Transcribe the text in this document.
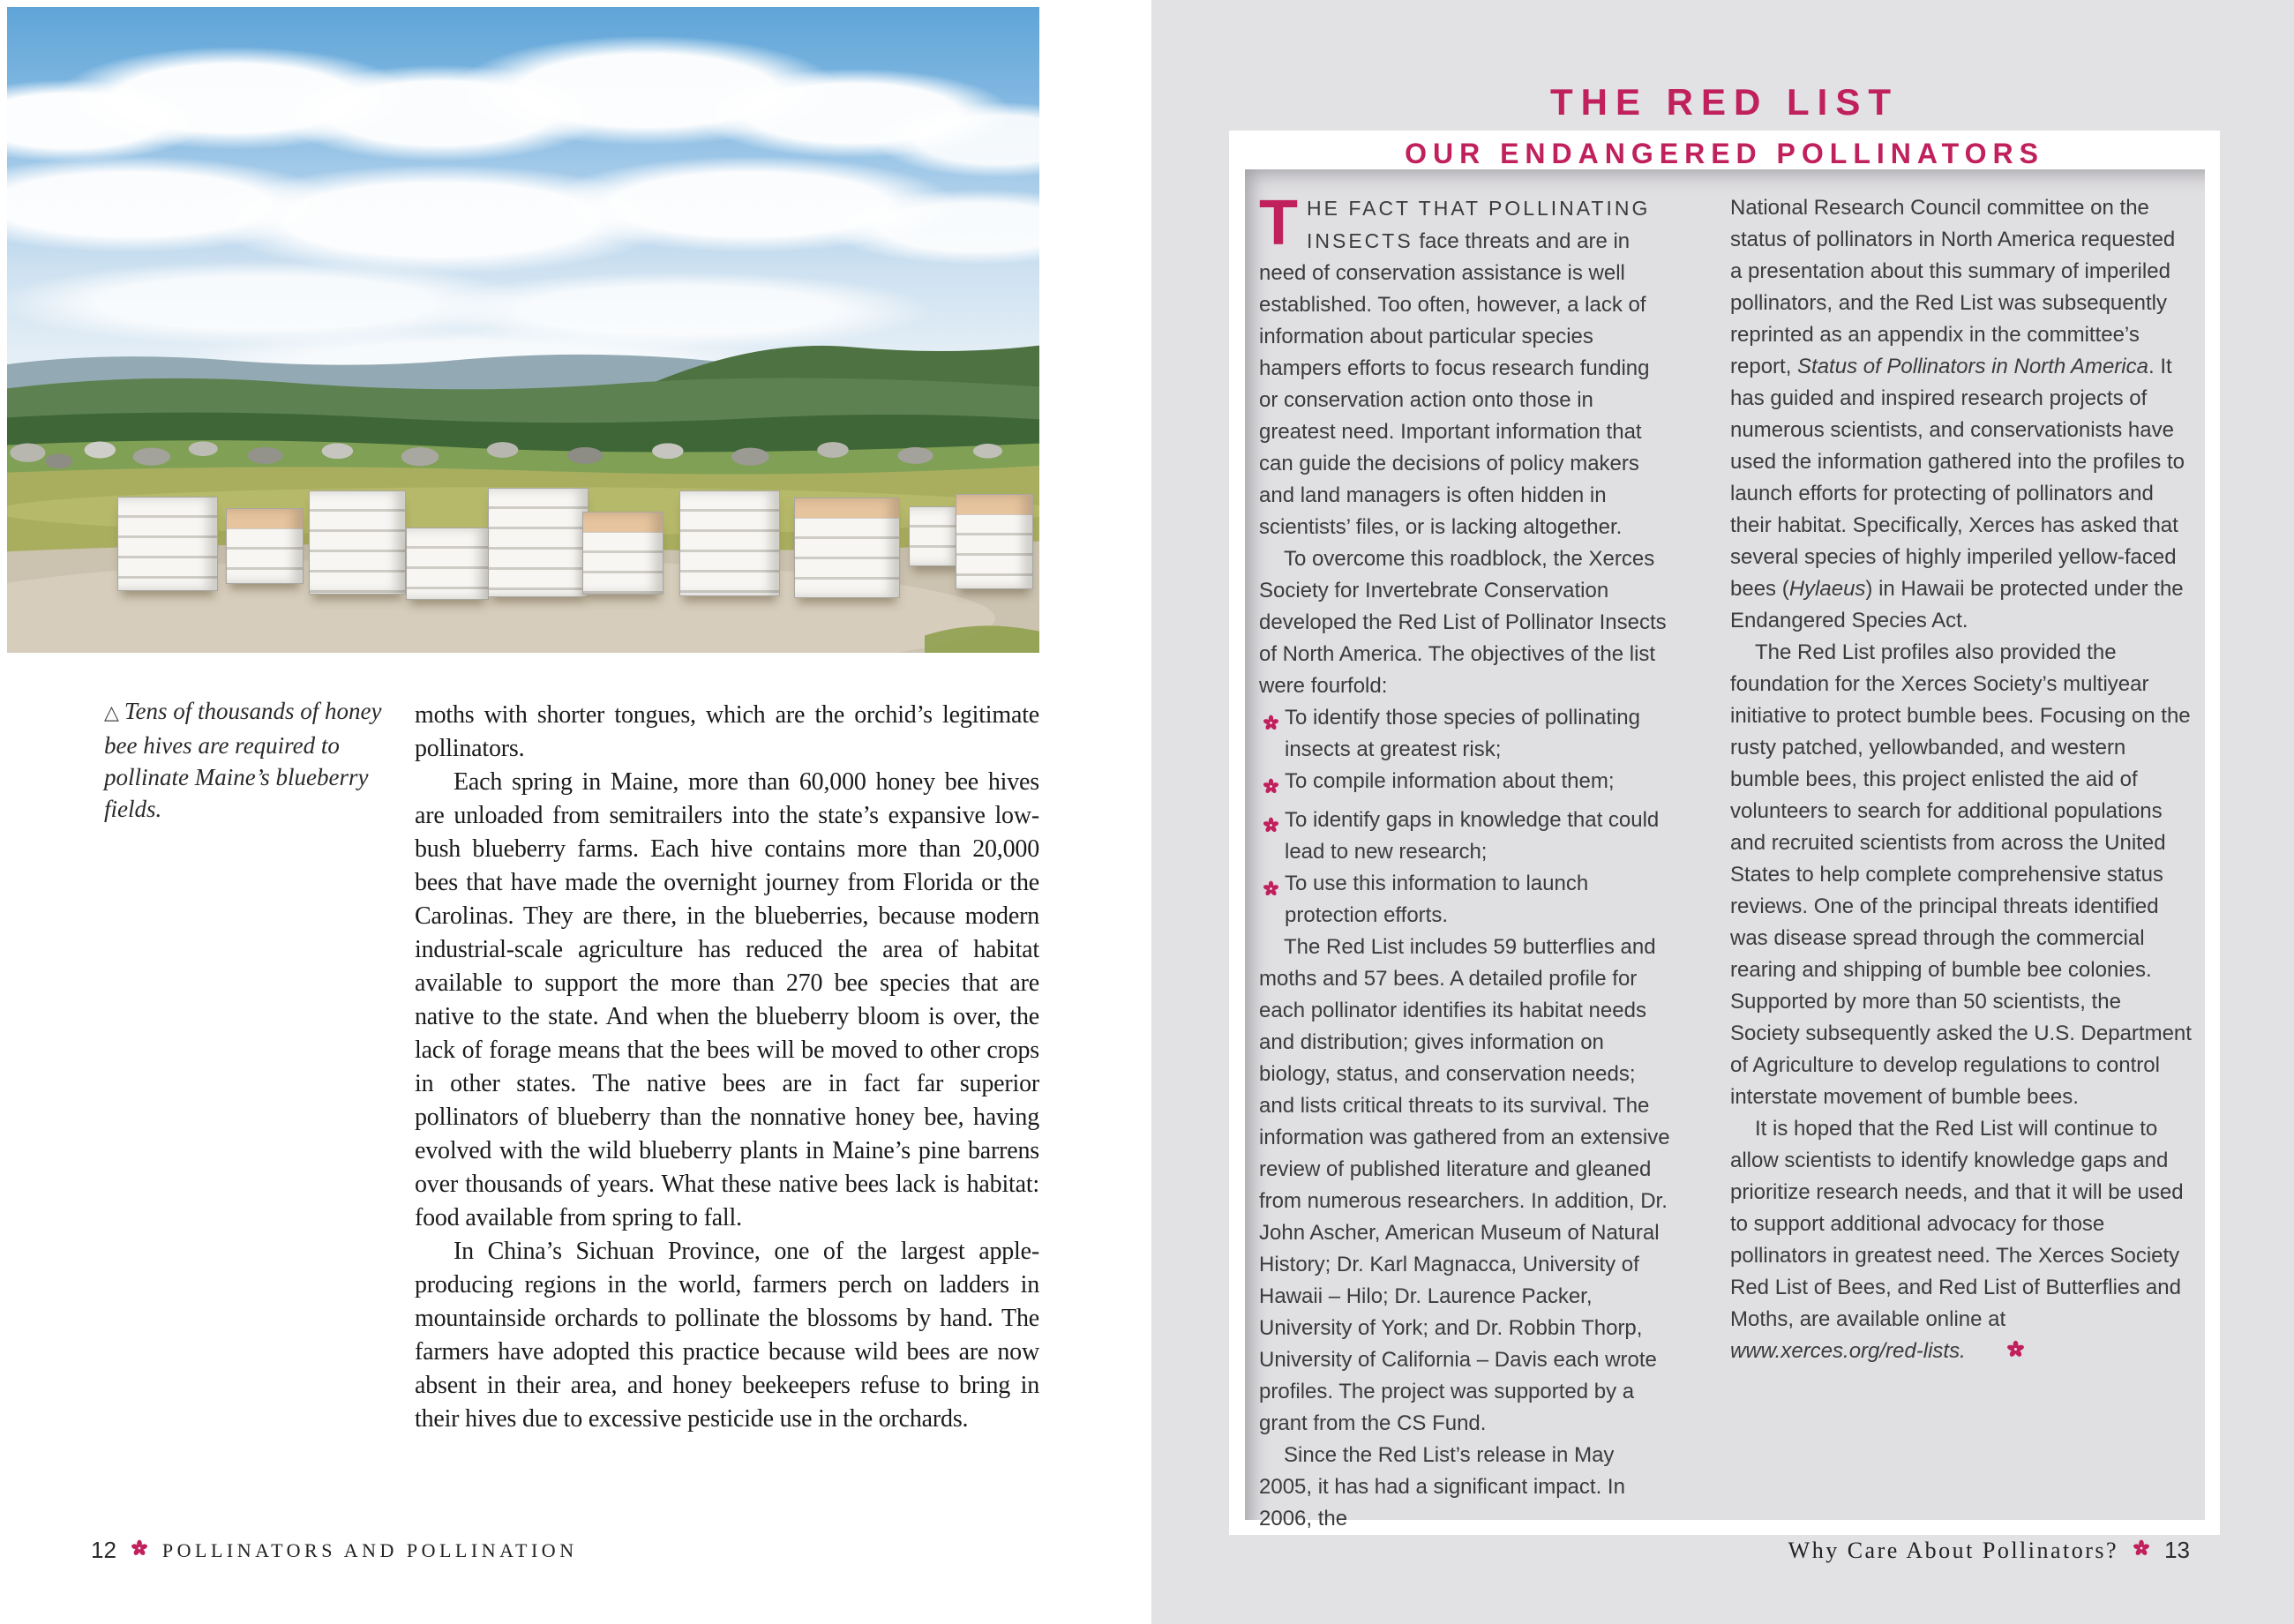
△ Tens of thousands of honey bee hives are required to pollinate Maine’s blueberry fields.

moths with shorter tongues, which are the orchid’s legitimate pollinators.

Each spring in Maine, more than 60,000 honey bee hives are unloaded from semitrailers into the state’s expansive low-bush blueberry farms. Each hive contains more than 20,000 bees that have made the overnight journey from Florida or the Carolinas. They are there, in the blueberries, because modern industrial-scale agriculture has reduced the area of habitat available to support the more than 270 bee species that are native to the state. And when the blueberry bloom is over, the lack of forage means that the bees will be moved to other crops in other states. The native bees are in fact far superior pollinators of blueberry than the nonnative honey bee, having evolved with the wild blueberry plants in Maine’s pine barrens over thousands of years. What these native bees lack is habitat: food available from spring to fall.

In China’s Sichuan Province, one of the largest apple-producing regions in the world, farmers perch on ladders in mountainside orchards to pollinate the blossoms by hand. The farmers have adopted this practice because wild bees are now absent in their area, and honey beekeepers refuse to bring in their hives due to excessive pesticide use in the orchards.

12 POLLINATORS AND POLLINATION
THE RED LIST
OUR ENDANGERED POLLINATORS

THE FACT THAT POLLINATING INSECTS face threats and are in need of conservation assistance is well established. Too often, however, a lack of information about particular species hampers efforts to focus research funding or conservation action onto those in greatest need. Important information that can guide the decisions of policy makers and land managers is often hidden in scientists’ files, or is lacking altogether.

To overcome this roadblock, the Xerces Society for Invertebrate Conservation developed the Red List of Pollinator Insects of North America. The objectives of the list were fourfold:

To identify those species of pollinating insects at greatest risk;
To compile information about them;
To identify gaps in knowledge that could lead to new research;
To use this information to launch protection efforts.

The Red List includes 59 butterflies and moths and 57 bees. A detailed profile for each pollinator identifies its habitat needs and distribution; gives information on biology, status, and conservation needs; and lists critical threats to its survival. The information was gathered from an extensive review of published literature and gleaned from numerous researchers. In addition, Dr. John Ascher, American Museum of Natural History; Dr. Karl Magnacca, University of Hawaii – Hilo; Dr. Laurence Packer, University of York; and Dr. Robbin Thorp, University of California – Davis each wrote profiles. The project was supported by a grant from the CS Fund.

Since the Red List’s release in May 2005, it has had a significant impact. In 2006, the

National Research Council committee on the status of pollinators in North America requested a presentation about this summary of imperiled pollinators, and the Red List was subsequently reprinted as an appendix in the committee’s report, Status of Pollinators in North America. It has guided and inspired research projects of numerous scientists, and conservationists have used the information gathered into the profiles to launch efforts for protecting of pollinators and their habitat. Specifically, Xerces has asked that several species of highly imperiled yellow-faced bees (Hylaeus) in Hawaii be protected under the Endangered Species Act.

The Red List profiles also provided the foundation for the Xerces Society’s multiyear initiative to protect bumble bees. Focusing on the rusty patched, yellowbanded, and western bumble bees, this project enlisted the aid of volunteers to search for additional populations and recruited scientists from across the United States to help complete comprehensive status reviews. One of the principal threats identified was disease spread through the commercial rearing and shipping of bumble bee colonies. Supported by more than 50 scientists, the Society subsequently asked the U.S. Department of Agriculture to develop regulations to control interstate movement of bumble bees.

It is hoped that the Red List will continue to allow scientists to identify knowledge gaps and prioritize research needs, and that it will be used to support additional advocacy for those pollinators in greatest need. The Xerces Society Red List of Bees, and Red List of Butterflies and Moths, are available online at www.xerces.org/red-lists.

Why Care About Pollinators? 13
